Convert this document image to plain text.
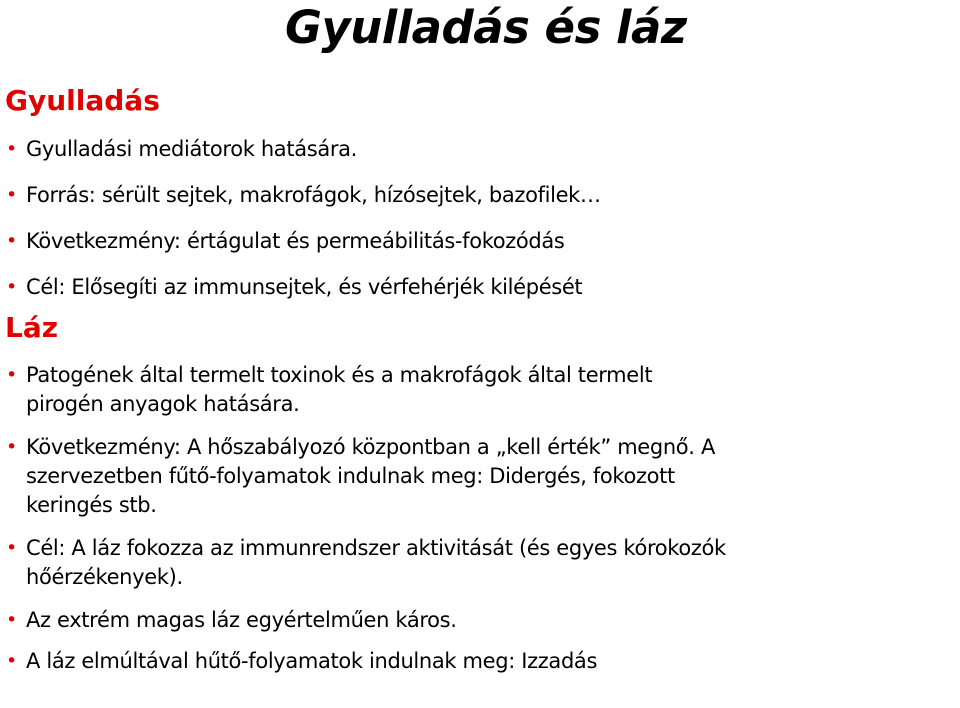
Gyulladás és láz
Gyulladás
• Gyulladási mediátorok hatására.
• Forrás: sérült sejtek, makrofágok, hízósejtek, bazofilek…
• Következmény: értágulat és permeábilitás-fokozódás
• Cél: Elősegíti az immunsejtek, és vérfehérjék kilépését
Láz
• Patogének által termelt toxinok és a makrofágok által termelt
pirogén anyagok hatására.
• Következmény: A hőszabályozó központban a „kell érték” megnő. A
szervezetben fűtő-folyamatok indulnak meg: Didergés, fokozott
keringés stb.
• Cél: A láz fokozza az immunrendszer aktivitását (és egyes kórokozók
hőérzékenyek).
• Az extrém magas láz egyértelműen káros.
• A láz elmúltával hűtő-folyamatok indulnak meg: Izzadás
